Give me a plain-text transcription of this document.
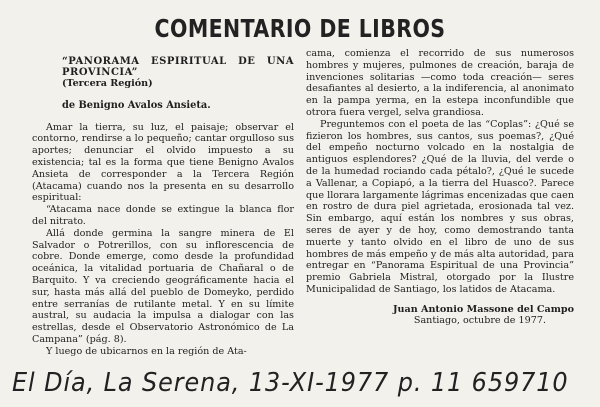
COMENTARIO DE LIBROS
“PANORAMA ESPIRITUAL DE UNA PROVINCIA”
(Tercera Región)
de Benigno Avalos Ansieta.

Amar la tierra, su luz, el paisaje; observar el contorno, rendirse a lo pequeño; cantar orgulloso sus aportes; denunciar el olvido impuesto a su existencia; tal es la forma que tiene Benigno Avalos Ansieta de corresponder a la Tercera Región (Atacama) cuando nos la presenta en su desarrollo espiritual:

“Atacama nace donde se extingue la blanca flor del nitrato.

Allá donde germina la sangre minera de El Salvador o Potrerillos, con su inflorescencia de cobre. Donde emerge, como desde la profundidad oceánica, la vitalidad portuaria de Chañaral o de Barquito. Y va creciendo geográficamente hacia el sur, hasta más allá del pueblo de Domeyko, perdido entre serranías de rutilante metal. Y en su límite austral, su audacia la impulsa a dialogar con las estrellas, desde el Observatorio Astronómico de La Campana” (pág. 8).

Y luego de ubicarnos en la región de Ata-

cama, comienza el recorrido de sus numerosos hombres y mujeres, pulmones de creación, baraja de invenciones solitarias —como toda creación— seres desafiantes al desierto, a la indiferencia, al anonimato en la pampa yerma, en la estepa inconfundible que otrora fuera vergel, selva grandiosa.

Preguntemos con el poeta de las “Coplas”: ¿Qué se fizieron los hombres, sus cantos, sus poemas?, ¿Qué del empeño nocturno volcado en la nostalgia de antiguos esplendores? ¿Qué de la lluvia, del verde o de la humedad rociando cada pétalo?, ¿Qué le sucede a Vallenar, a Copiapó, a la tierra del Huasco?. Parece que llorara largamente lágrimas encenizadas que caen en rostro de dura piel agrietada, erosionada tal vez. Sin embargo, aquí están los nombres y sus obras, seres de ayer y de hoy, como demostrando tanta muerte y tanto olvido en el libro de uno de sus hombres de más empeño y de más alta autoridad, para entregar en “Panorama Espiritual de una Provincia” premio Gabriela Mistral, otorgado por la Ilustre Municipalidad de Santiago, los latidos de Atacama.

Juan Antonio Massone del Campo
Santiago, octubre de 1977.
El Día, La Serena, 13-XI-1977 p. 11 659710
